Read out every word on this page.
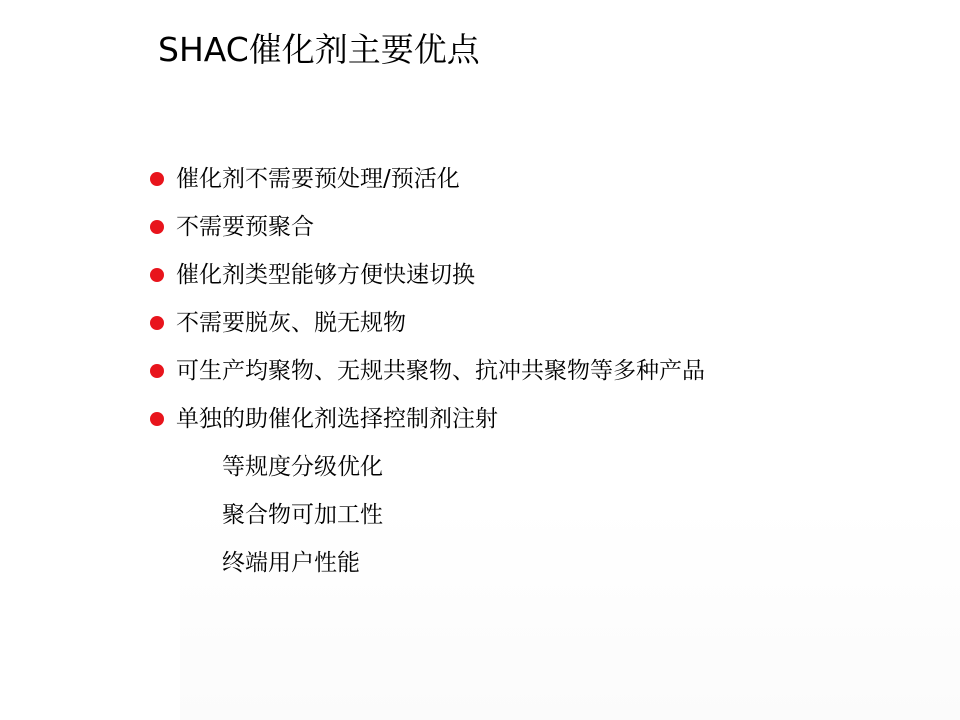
SHAC催化剂主要优点
催化剂不需要预处理/预活化
不需要预聚合
催化剂类型能够方便快速切换
不需要脱灰、脱无规物
可生产均聚物、无规共聚物、抗冲共聚物等多种产品
单独的助催化剂选择控制剂注射
等规度分级优化
聚合物可加工性
终端用户性能
